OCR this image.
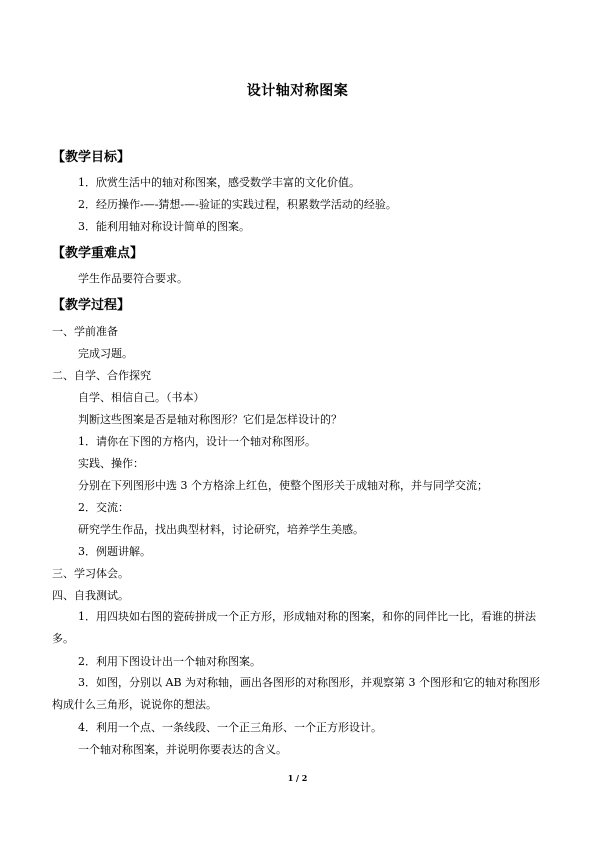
设计轴对称图案
【教学目标】
1．欣赏生活中的轴对称图案，感受数学丰富的文化价值。
2．经历操作-—-猜想-—-验证的实践过程，积累数学活动的经验。
3．能利用轴对称设计简单的图案。
【教学重难点】
学生作品要符合要求。
【教学过程】
一、学前准备
完成习题。
二、自学、合作探究
自学、相信自己。（书本）
判断这些图案是否是轴对称图形？它们是怎样设计的？
1．请你在下图的方格内，设计一个轴对称图形。
实践、操作：
分别在下列图形中选 3 个方格涂上红色，使整个图形关于成轴对称，并与同学交流；
2．交流：
研究学生作品，找出典型材料，讨论研究，培养学生美感。
3．例题讲解。
三、学习体会。
四、自我测试。
1．用四块如右图的瓷砖拼成一个正方形，形成轴对称的图案，和你的同伴比一比，看谁的拼法多。
2．利用下图设计出一个轴对称图案。
3．如图，分别以 AB 为对称轴，画出各图形的对称图形，并观察第 3 个图形和它的轴对称图形构成什么三角形，说说你的想法。
4．利用一个点、一条线段、一个正三角形、一个正方形设计。
一个轴对称图案，并说明你要表达的含义。
1 / 2
